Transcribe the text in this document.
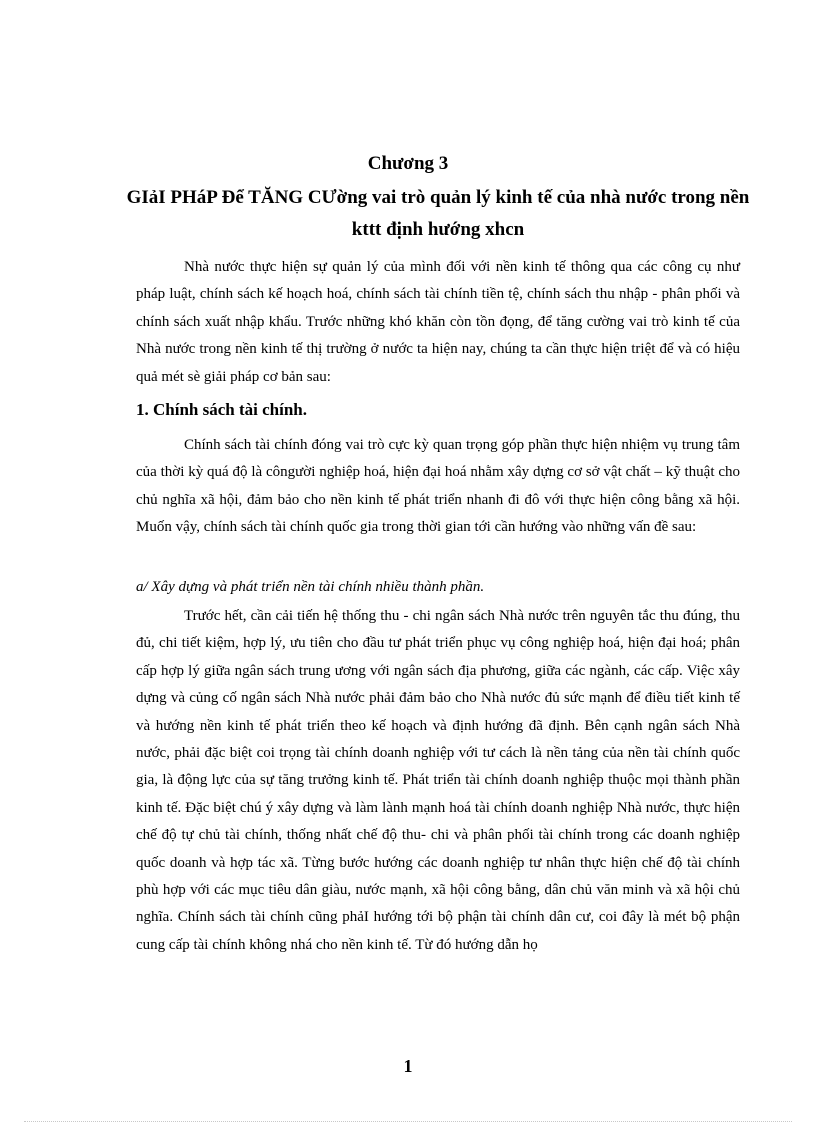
Chương 3
GIảI PHáP Để TĂNG CƯờng vai trò quản lý kinh tế của nhà nước trong nền kttt định hướng xhcn

Nhà nước thực hiện sự quản lý của mình đối với nền kinh tế thông qua các công cụ như pháp luật, chính sách kế hoạch hoá, chính sách tài chính tiền tệ, chính sách thu nhập - phân phối và chính sách xuất nhập khẩu. Trước những khó khăn còn tồn đọng, để tăng cường vai trò kinh tế của Nhà nước trong nền kinh tế thị trường ở nước ta hiện nay, chúng ta cần thực hiện triệt để và có hiệu quả mét sè giải pháp cơ bản sau:

1. Chính sách tài chính.

Chính sách tài chính đóng vai trò cực kỳ quan trọng góp phần thực hiện nhiệm vụ trung tâm của thời kỳ quá độ là côngười nghiệp hoá, hiện đại hoá nhằm xây dựng cơ sở vật chất – kỹ thuật cho chủ nghĩa xã hội, đảm bảo cho nền kinh tế phát triển nhanh đi đô với thực hiện công bằng xã hội. Muốn vậy, chính sách tài chính quốc gia trong thời gian tới cần hướng vào những vấn đề sau:

a/ Xây dựng và phát triển nền tài chính nhiều thành phần.

Trước hết, cần cải tiến hệ thống thu - chi ngân sách Nhà nước trên nguyên tắc thu đúng, thu đủ, chi tiết kiệm, hợp lý, ưu tiên cho đầu tư phát triển phục vụ công nghiệp hoá, hiện đại hoá; phân cấp hợp lý giữa ngân sách trung ương với ngân sách địa phương, giữa các ngành, các cấp. Việc xây dựng và củng cố ngân sách Nhà nước phải đảm bảo cho Nhà nước đủ sức mạnh để điều tiết kinh tế và hướng nền kinh tế phát triển theo kế hoạch và định hướng đã định. Bên cạnh ngân sách Nhà nước, phải đặc biệt coi trọng tài chính doanh nghiệp với tư cách là nền tảng của nền tài chính quốc gia, là động lực của sự tăng trưởng kinh tế. Phát triển tài chính doanh nghiệp thuộc mọi thành phần kinh tế. Đặc biệt chú ý xây dựng và làm lành mạnh hoá tài chính doanh nghiệp Nhà nước, thực hiện chế độ tự chủ tài chính, thống nhất chế độ thu- chi và phân phối tài chính trong các doanh nghiệp quốc doanh và hợp tác xã. Từng bước hướng các doanh nghiệp tư nhân thực hiện chế độ tài chính phù hợp với các mục tiêu dân giàu, nước mạnh, xã hội công bằng, dân chủ văn minh và xã hội chủ nghĩa. Chính sách tài chính cũng phảI hướng tới bộ phận tài chính dân cư, coi đây là mét bộ phận cung cấp tài chính không nhá cho nền kinh tế. Từ đó hướng dẫn họ

1
